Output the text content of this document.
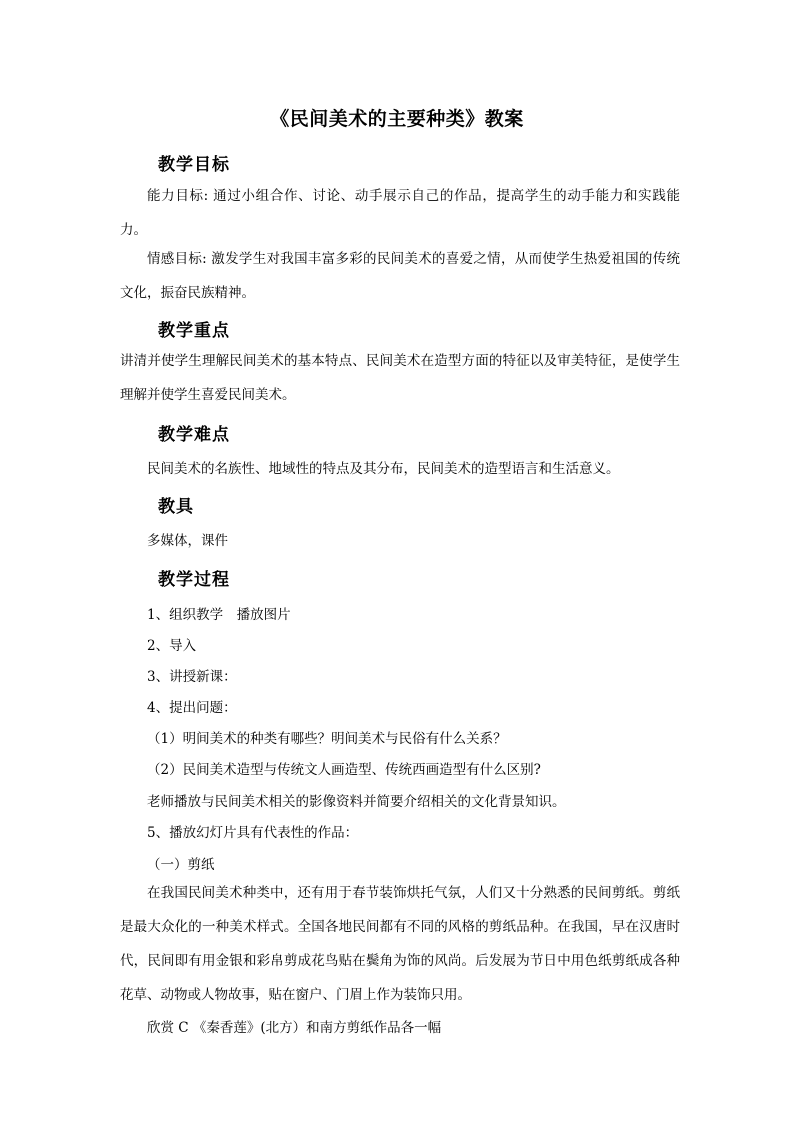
《民间美术的主要种类》教案
教学目标
能力目标: 通过小组合作、讨论、动手展示自己的作品，提高学生的动手能力和实践能力。
情感目标: 激发学生对我国丰富多彩的民间美术的喜爱之情，从而使学生热爱祖国的传统文化，振奋民族精神。
教学重点
讲清并使学生理解民间美术的基本特点、民间美术在造型方面的特征以及审美特征，是使学生理解并使学生喜爱民间美术。
教学难点
民间美术的名族性、地域性的特点及其分布，民间美术的造型语言和生活意义。
教具
多媒体，课件
教学过程
1、组织教学　播放图片
2、导入
3、讲授新课：
4、提出问题：
（1）明间美术的种类有哪些？明间美术与民俗有什么关系？
（2）民间美术造型与传统文人画造型、传统西画造型有什么区别?
老师播放与民间美术相关的影像资料并简要介绍相关的文化背景知识。
5、播放幻灯片具有代表性的作品：
（一）剪纸
在我国民间美术种类中，还有用于春节装饰烘托气氛，人们又十分熟悉的民间剪纸。剪纸是最大众化的一种美术样式。全国各地民间都有不同的风格的剪纸品种。在我国，早在汉唐时代，民间即有用金银和彩帛剪成花鸟贴在鬓角为饰的风尚。后发展为节日中用色纸剪纸成各种花草、动物或人物故事，贴在窗户、门眉上作为装饰只用。
欣赏 C 《秦香莲》(北方）和南方剪纸作品各一幅
